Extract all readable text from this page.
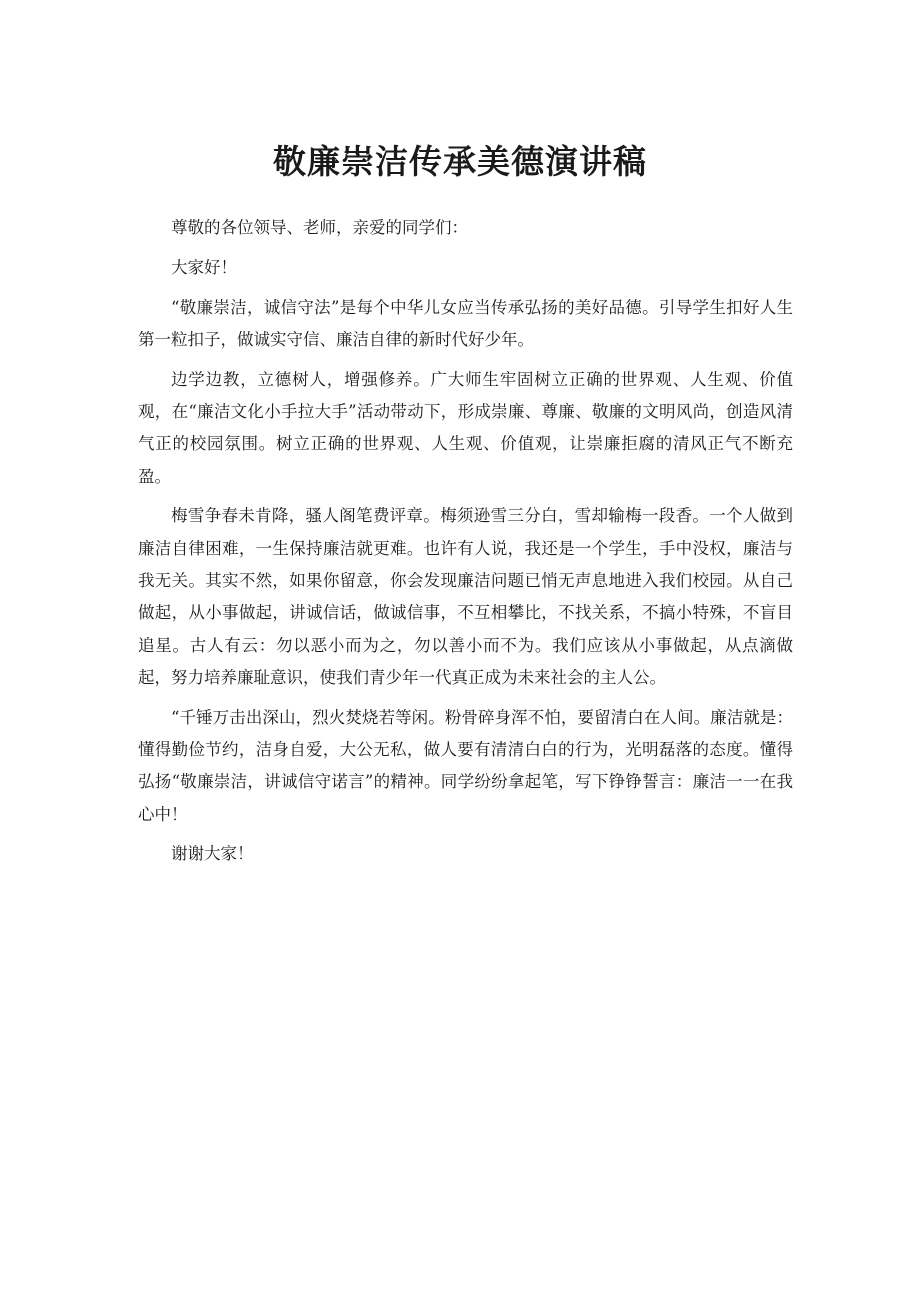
敬廉崇洁传承美德演讲稿

尊敬的各位领导、老师，亲爱的同学们：

大家好！

“敬廉崇洁，诚信守法”是每个中华儿女应当传承弘扬的美好品德。引导学生扣好人生第一粒扣子，做诚实守信、廉洁自律的新时代好少年。

边学边教，立德树人，增强修养。广大师生牢固树立正确的世界观、人生观、价值观，在“廉洁文化小手拉大手”活动带动下，形成崇廉、尊廉、敬廉的文明风尚，创造风清气正的校园氛围。树立正确的世界观、人生观、价值观，让崇廉拒腐的清风正气不断充盈。

梅雪争春未肯降，骚人阁笔费评章。梅须逊雪三分白，雪却输梅一段香。一个人做到廉洁自律困难，一生保持廉洁就更难。也许有人说，我还是一个学生，手中没权，廉洁与我无关。其实不然，如果你留意，你会发现廉洁问题已悄无声息地进入我们校园。从自己做起，从小事做起，讲诚信话，做诚信事，不互相攀比，不找关系，不搞小特殊，不盲目追星。古人有云：勿以恶小而为之，勿以善小而不为。我们应该从小事做起，从点滴做起，努力培养廉耻意识，使我们青少年一代真正成为未来社会的主人公。

“千锤万击出深山，烈火焚烧若等闲。粉骨碎身浑不怕，要留清白在人间。廉洁就是：懂得勤俭节约，洁身自爱，大公无私，做人要有清清白白的行为，光明磊落的态度。懂得弘扬“敬廉崇洁，讲诚信守诺言”的精神。同学纷纷拿起笔，写下铮铮誓言：廉洁一一在我心中！

谢谢大家！
